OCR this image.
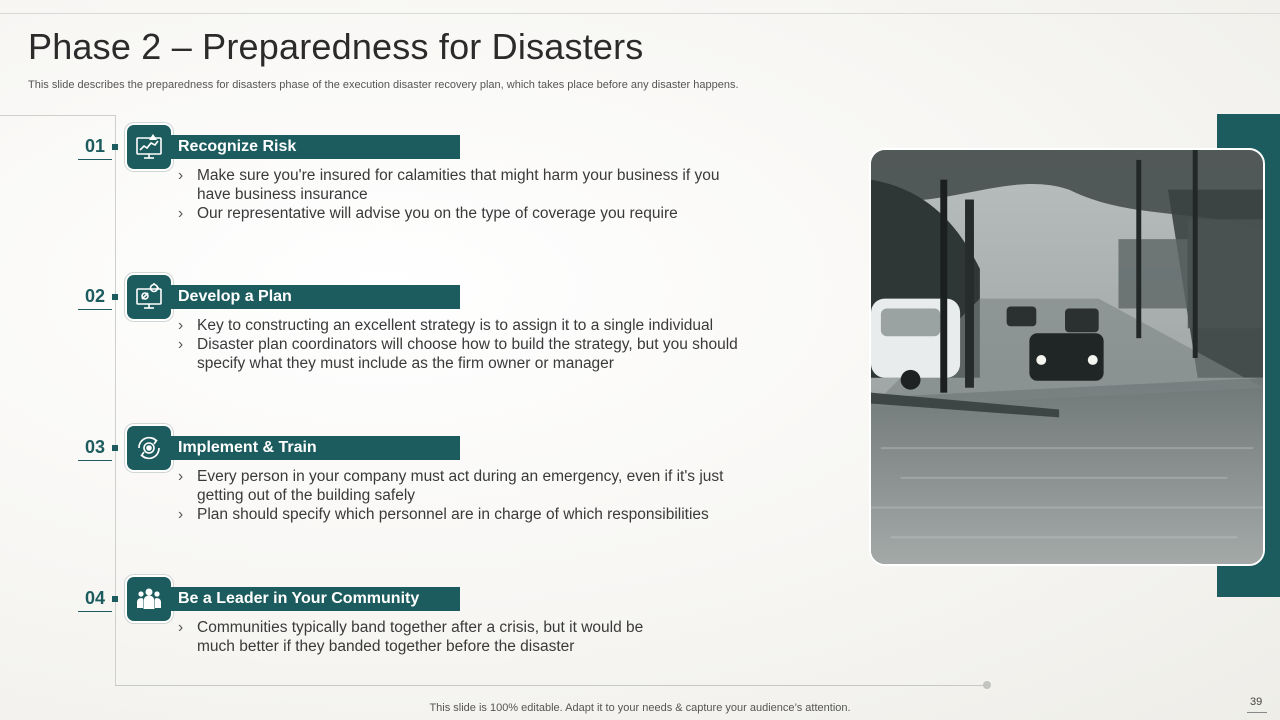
Phase 2 – Preparedness for Disasters
This slide describes the preparedness for disasters phase of the execution disaster recovery plan, which takes place before any disaster happens.
01	Recognize Risk
› Make sure you're insured for calamities that might harm your business if you have business insurance
› Our representative will advise you on the type of coverage you require
02	Develop a Plan
› Key to constructing an excellent strategy is to assign it to a single individual
› Disaster plan coordinators will choose how to build the strategy, but you should specify what they must include as the firm owner or manager
03	Implement & Train
› Every person in your company must act during an emergency, even if it's just getting out of the building safely
› Plan should specify which personnel are in charge of which responsibilities
04	Be a Leader in Your Community
› Communities typically band together after a crisis, but it would be much better if they banded together before the disaster
This slide is 100% editable. Adapt it to your needs & capture your audience’s attention.	39
